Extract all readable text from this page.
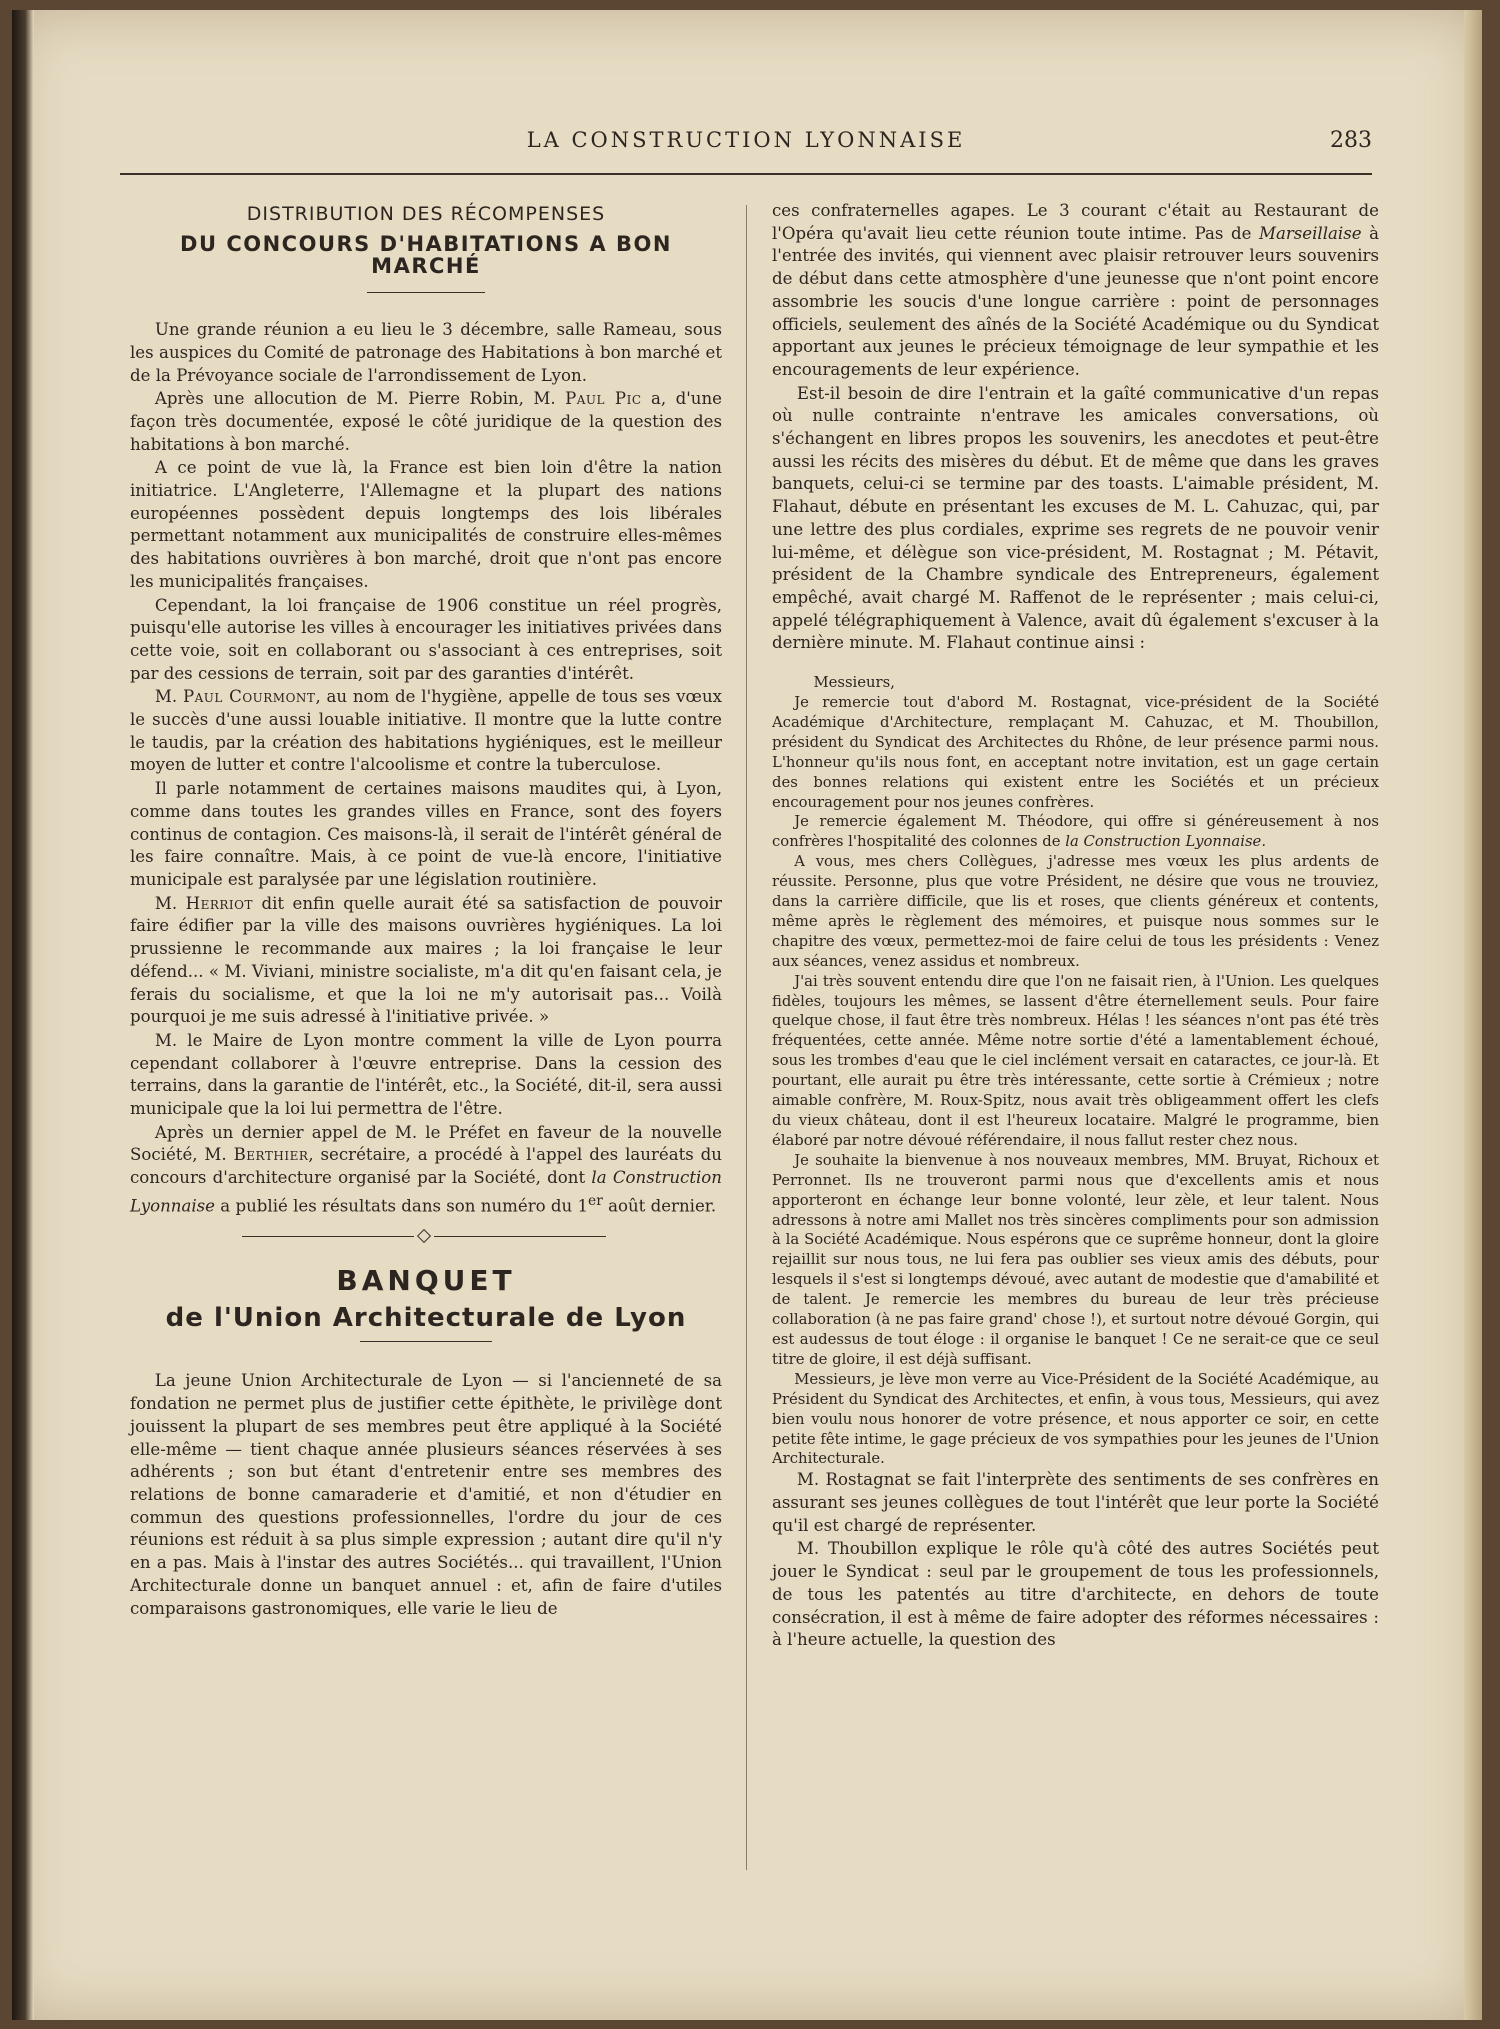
LA CONSTRUCTION LYONNAISE	283
DISTRIBUTION DES RÉCOMPENSES
DU CONCOURS D'HABITATIONS A BON MARCHÉ

Une grande réunion a eu lieu le 3 décembre, salle Rameau, sous les auspices du Comité de patronage des Habitations à bon marché et de la Prévoyance sociale de l'arrondissement de Lyon.

Après une allocution de M. Pierre Robin, M. Paul Pic a, d'une façon très documentée, exposé le côté juridique de la question des habitations à bon marché.

A ce point de vue là, la France est bien loin d'être la nation initiatrice. L'Angleterre, l'Allemagne et la plupart des nations européennes possèdent depuis longtemps des lois libérales permettant notamment aux municipalités de construire elles-mêmes des habitations ouvrières à bon marché, droit que n'ont pas encore les municipalités françaises.

Cependant, la loi française de 1906 constitue un réel progrès, puisqu'elle autorise les villes à encourager les initiatives privées dans cette voie, soit en collaborant ou s'associant à ces entreprises, soit par des cessions de terrain, soit par des garanties d'intérêt.

M. Paul Courmont, au nom de l'hygiène, appelle de tous ses vœux le succès d'une aussi louable initiative. Il montre que la lutte contre le taudis, par la création des habitations hygiéniques, est le meilleur moyen de lutter et contre l'alcoolisme et contre la tuberculose.

Il parle notamment de certaines maisons maudites qui, à Lyon, comme dans toutes les grandes villes en France, sont des foyers continus de contagion. Ces maisons-là, il serait de l'intérêt général de les faire connaître. Mais, à ce point de vue-là encore, l'initiative municipale est paralysée par une législation routinière.

M. Herriot dit enfin quelle aurait été sa satisfaction de pouvoir faire édifier par la ville des maisons ouvrières hygiéniques. La loi prussienne le recommande aux maires ; la loi française le leur défend... « M. Viviani, ministre socialiste, m'a dit qu'en faisant cela, je ferais du socialisme, et que la loi ne m'y autorisait pas... Voilà pourquoi je me suis adressé à l'initiative privée. »

M. le Maire de Lyon montre comment la ville de Lyon pourra cependant collaborer à l'œuvre entreprise. Dans la cession des terrains, dans la garantie de l'intérêt, etc., la Société, dit-il, sera aussi municipale que la loi lui permettra de l'être.

Après un dernier appel de M. le Préfet en faveur de la nouvelle Société, M. Berthier, secrétaire, a procédé à l'appel des lauréats du concours d'architecture organisé par la Société, dont la Construction Lyonnaise a publié les résultats dans son numéro du 1er août dernier.

BANQUET
de l'Union Architecturale de Lyon

La jeune Union Architecturale de Lyon — si l'ancienneté de sa fondation ne permet plus de justifier cette épithète, le privilège dont jouissent la plupart de ses membres peut être appliqué à la Société elle-même — tient chaque année plusieurs séances réservées à ses adhérents ; son but étant d'entretenir entre ses membres des relations de bonne camaraderie et d'amitié, et non d'étudier en commun des questions professionnelles, l'ordre du jour de ces réunions est réduit à sa plus simple expression ; autant dire qu'il n'y en a pas. Mais à l'instar des autres Sociétés... qui travaillent, l'Union Architecturale donne un banquet annuel : et, afin de faire d'utiles comparaisons gastronomiques, elle varie le lieu de

ces confraternelles agapes. Le 3 courant c'était au Restaurant de l'Opéra qu'avait lieu cette réunion toute intime. Pas de Marseillaise à l'entrée des invités, qui viennent avec plaisir retrouver leurs souvenirs de début dans cette atmosphère d'une jeunesse que n'ont point encore assombrie les soucis d'une longue carrière : point de personnages officiels, seulement des aînés de la Société Académique ou du Syndicat apportant aux jeunes le précieux témoignage de leur sympathie et les encouragements de leur expérience.

Est-il besoin de dire l'entrain et la gaîté communicative d'un repas où nulle contrainte n'entrave les amicales conversations, où s'échangent en libres propos les souvenirs, les anecdotes et peut-être aussi les récits des misères du début. Et de même que dans les graves banquets, celui-ci se termine par des toasts. L'aimable président, M. Flahaut, débute en présentant les excuses de M. L. Cahuzac, qui, par une lettre des plus cordiales, exprime ses regrets de ne pouvoir venir lui-même, et délègue son vice-président, M. Rostagnat ; M. Pétavit, président de la Chambre syndicale des Entrepreneurs, également empêché, avait chargé M. Raffenot de le représenter ; mais celui-ci, appelé télégraphiquement à Valence, avait dû également s'excuser à la dernière minute. M. Flahaut continue ainsi :

Messieurs,

Je remercie tout d'abord M. Rostagnat, vice-président de la Société Académique d'Architecture, remplaçant M. Cahuzac, et M. Thoubillon, président du Syndicat des Architectes du Rhône, de leur présence parmi nous. L'honneur qu'ils nous font, en acceptant notre invitation, est un gage certain des bonnes relations qui existent entre les Sociétés et un précieux encouragement pour nos jeunes confrères.

Je remercie également M. Théodore, qui offre si généreusement à nos confrères l'hospitalité des colonnes de la Construction Lyonnaise.

A vous, mes chers Collègues, j'adresse mes vœux les plus ardents de réussite. Personne, plus que votre Président, ne désire que vous ne trouviez, dans la carrière difficile, que lis et roses, que clients généreux et contents, même après le règlement des mémoires, et puisque nous sommes sur le chapitre des vœux, permettez-moi de faire celui de tous les présidents : Venez aux séances, venez assidus et nombreux.

J'ai très souvent entendu dire que l'on ne faisait rien, à l'Union. Les quelques fidèles, toujours les mêmes, se lassent d'être éternellement seuls. Pour faire quelque chose, il faut être très nombreux. Hélas ! les séances n'ont pas été très fréquentées, cette année. Même notre sortie d'été a lamentablement échoué, sous les trombes d'eau que le ciel inclément versait en cataractes, ce jour-là. Et pourtant, elle aurait pu être très intéressante, cette sortie à Crémieux ; notre aimable confrère, M. Roux-Spitz, nous avait très obligeamment offert les clefs du vieux château, dont il est l'heureux locataire. Malgré le programme, bien élaboré par notre dévoué référendaire, il nous fallut rester chez nous.

Je souhaite la bienvenue à nos nouveaux membres, MM. Bruyat, Richoux et Perronnet. Ils ne trouveront parmi nous que d'excellents amis et nous apporteront en échange leur bonne volonté, leur zèle, et leur talent. Nous adressons à notre ami Mallet nos très sincères compliments pour son admission à la Société Académique. Nous espérons que ce suprême honneur, dont la gloire rejaillit sur nous tous, ne lui fera pas oublier ses vieux amis des débuts, pour lesquels il s'est si longtemps dévoué, avec autant de modestie que d'amabilité et de talent. Je remercie les membres du bureau de leur très précieuse collaboration (à ne pas faire grand' chose !), et surtout notre dévoué Gorgin, qui est audessus de tout éloge : il organise le banquet ! Ce ne serait-ce que ce seul titre de gloire, il est déjà suffisant.

Messieurs, je lève mon verre au Vice-Président de la Société Académique, au Président du Syndicat des Architectes, et enfin, à vous tous, Messieurs, qui avez bien voulu nous honorer de votre présence, et nous apporter ce soir, en cette petite fête intime, le gage précieux de vos sympathies pour les jeunes de l'Union Architecturale.

M. Rostagnat se fait l'interprète des sentiments de ses confrères en assurant ses jeunes collègues de tout l'intérêt que leur porte la Société qu'il est chargé de représenter.

M. Thoubillon explique le rôle qu'à côté des autres Sociétés peut jouer le Syndicat : seul par le groupement de tous les professionnels, de tous les patentés au titre d'architecte, en dehors de toute consécration, il est à même de faire adopter des réformes nécessaires : à l'heure actuelle, la question des
